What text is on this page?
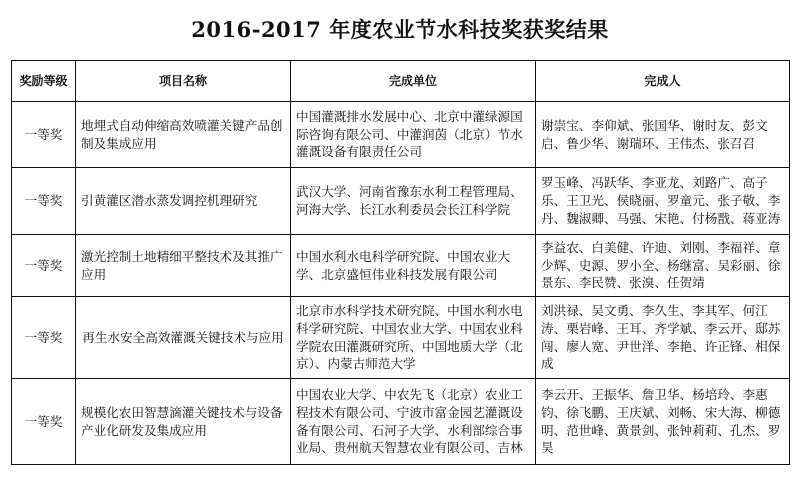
2016-2017 年度农业节水科技奖获奖结果
奖励等级	项目名称	完成单位	完成人
一等奖	地埋式自动伸缩高效喷灌关键产品创制及集成应用	中国灌溉排水发展中心、北京中灌绿源国际咨询有限公司、中灌润茵（北京）节水灌溉设备有限责任公司	谢崇宝、李仰斌、张国华、谢时友、彭文启、鲁少华、谢瑞环、王伟杰、张召召
一等奖	引黄灌区潜水蒸发调控机理研究	武汉大学、河南省豫东水利工程管理局、河海大学、长江水利委员会长江科学院	罗玉峰、冯跃华、李亚龙、刘路广、高子乐、王卫光、侯晓丽、罗童元、张子敬、李丹、魏淑卿、马强、宋艳、付杨戬、蒋亚涛
一等奖	激光控制土地精细平整技术及其推广应用	中国水利水电科学研究院、中国农业大学、北京盛恒伟业科技发展有限公司	李益农、白美健、许迪、刘刚、李福祥、章少辉、史源、罗小全、杨继富、吴彩丽、徐景东、李民赞、张溴、任贺靖
一等奖	再生水安全高效灌溉关键技术与应用	北京市水科学技术研究院、中国水利水电科学研究院、中国农业大学、中国农业科学院农田灌溉研究所、中国地质大学（北京）、内蒙古师范大学	刘洪禄、吴文勇、李久生、李其军、何江涛、栗岩峰、王耳、齐学斌、李云开、邸苏闯、廖人宽、尹世洋、李艳、许正锋、相保成
一等奖	规模化农田智慧滴灌关键技术与设备产业化研发及集成应用	中国农业大学、中农先飞（北京）农业工程技术有限公司、宁波市富金园艺灌溉设备有限公司、石河子大学、水利部综合事业局、贵州航天智慧农业有限公司、吉林	李云开、王振华、詹卫华、杨培玲、李惠钧、徐飞鹏、王庆斌、刘畅、宋大海、柳德明、范世峰、黄景剑、张钟莉莉、孔杰、罗昊
